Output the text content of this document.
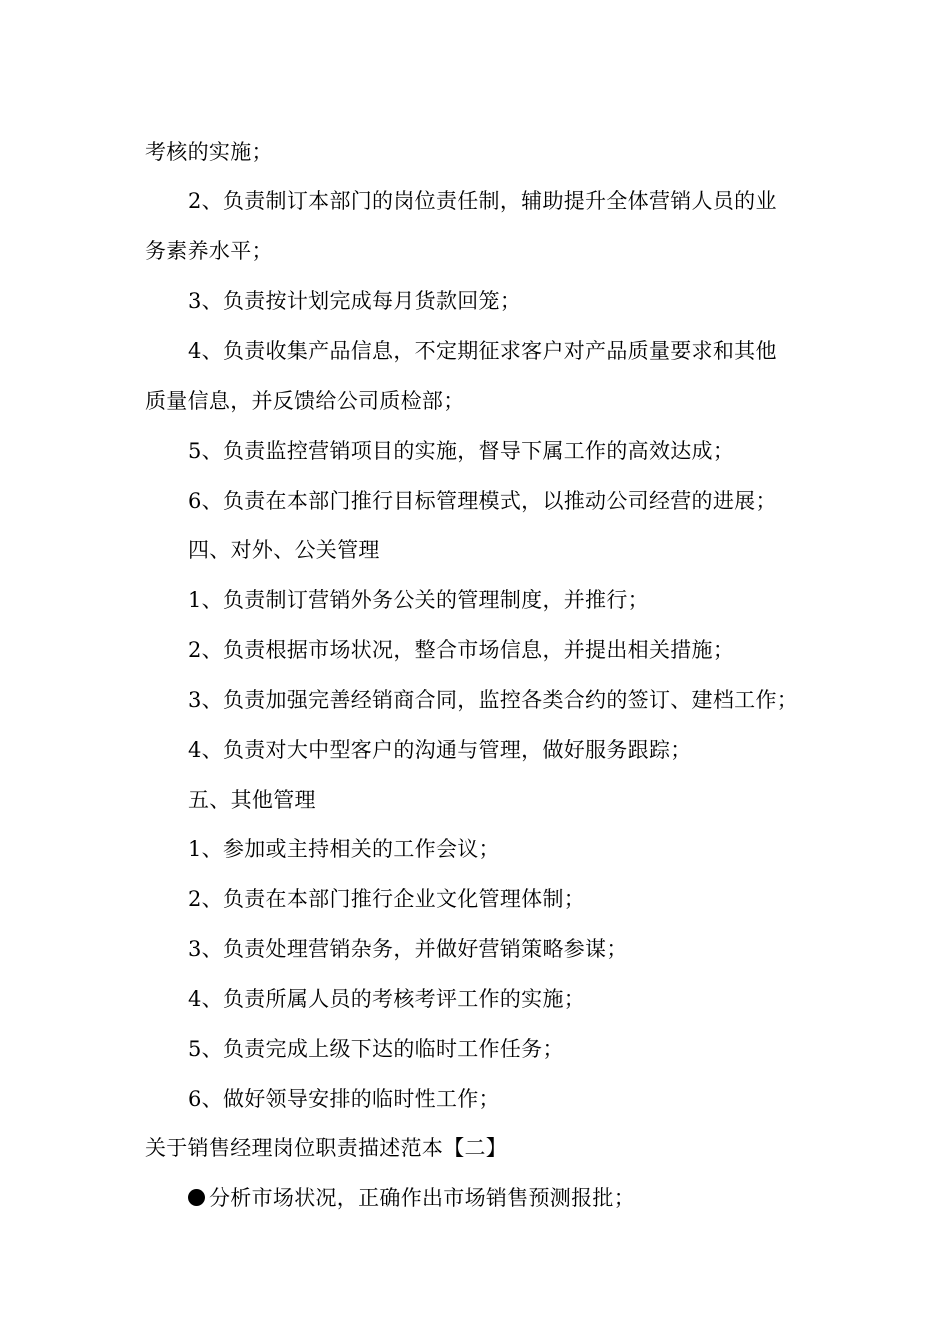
考核的实施；
2、负责制订本部门的岗位责任制，辅助提升全体营销人员的业
务素养水平；
3、负责按计划完成每月货款回笼；
4、负责收集产品信息，不定期征求客户对产品质量要求和其他
质量信息，并反馈给公司质检部；
5、负责监控营销项目的实施，督导下属工作的高效达成；
6、负责在本部门推行目标管理模式，以推动公司经营的进展；
四、对外、公关管理
1、负责制订营销外务公关的管理制度，并推行；
2、负责根据市场状况，整合市场信息，并提出相关措施；
3、负责加强完善经销商合同，监控各类合约的签订、建档工作；
4、负责对大中型客户的沟通与管理，做好服务跟踪；
五、其他管理
1、参加或主持相关的工作会议；
2、负责在本部门推行企业文化管理体制；
3、负责处理营销杂务，并做好营销策略参谋；
4、负责所属人员的考核考评工作的实施；
5、负责完成上级下达的临时工作任务；
6、做好领导安排的临时性工作；
关于销售经理岗位职责描述范本【二】
分析市场状况，正确作出市场销售预测报批；
